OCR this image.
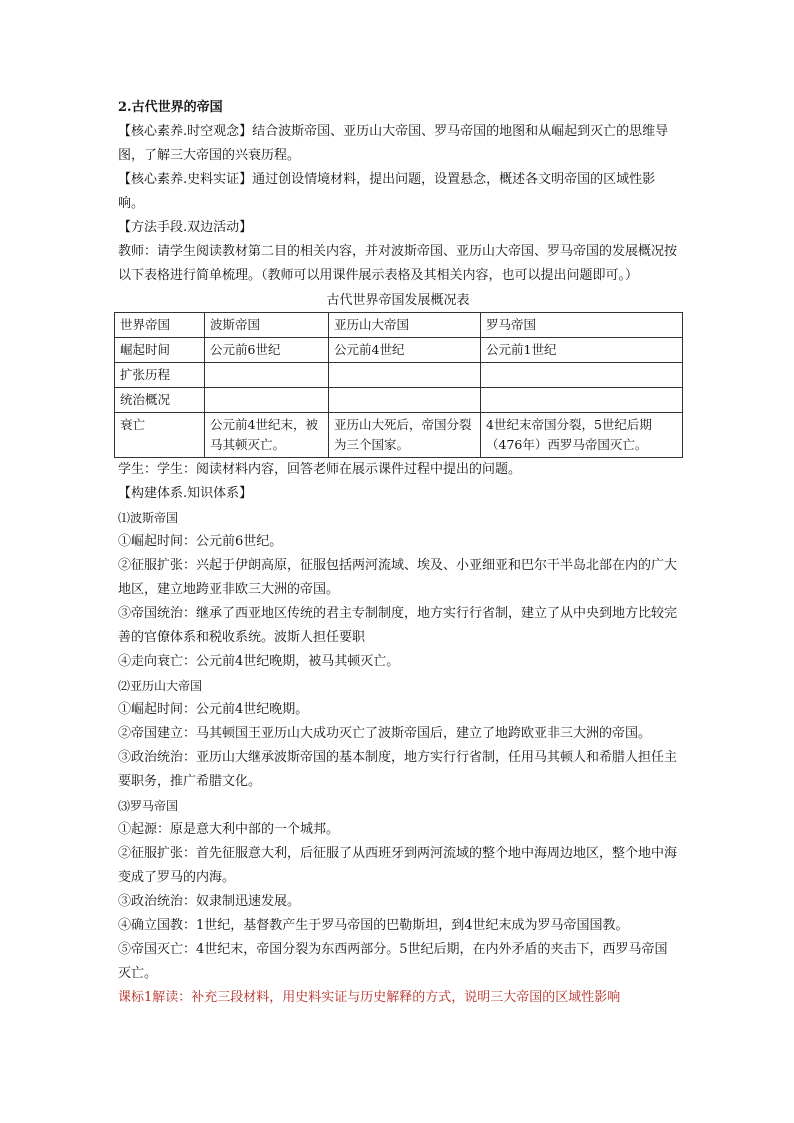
2.古代世界的帝国
【核心素养.时空观念】结合波斯帝国、亚历山大帝国、罗马帝国的地图和从崛起到灭亡的思维导图，了解三大帝国的兴衰历程。
【核心素养.史料实证】通过创设情境材料，提出问题，设置悬念，概述各文明帝国的区域性影响。
【方法手段.双边活动】
教师：请学生阅读教材第二目的相关内容，并对波斯帝国、亚历山大帝国、罗马帝国的发展概况按以下表格进行简单梳理。（教师可以用课件展示表格及其相关内容，也可以提出问题即可。）
古代世界帝国发展概况表
世界帝国	波斯帝国	亚历山大帝国	罗马帝国
崛起时间	公元前6世纪	公元前4世纪	公元前1世纪
扩张历程			
统治概况			
衰亡	公元前4世纪末，被马其顿灭亡。	亚历山大死后，帝国分裂为三个国家。	4世纪末帝国分裂，5世纪后期（476年）西罗马帝国灭亡。
学生：学生：阅读材料内容，回答老师在展示课件过程中提出的问题。
【构建体系.知识体系】
⑴波斯帝国
①崛起时间：公元前6世纪。
②征服扩张：兴起于伊朗高原，征服包括两河流域、埃及、小亚细亚和巴尔干半岛北部在内的广大地区，建立地跨亚非欧三大洲的帝国。
③帝国统治：继承了西亚地区传统的君主专制制度，地方实行行省制，建立了从中央到地方比较完善的官僚体系和税收系统。波斯人担任要职
④走向衰亡：公元前4世纪晚期，被马其顿灭亡。
⑵亚历山大帝国
①崛起时间：公元前4世纪晚期。
②帝国建立：马其顿国王亚历山大成功灭亡了波斯帝国后，建立了地跨欧亚非三大洲的帝国。
③政治统治：亚历山大继承波斯帝国的基本制度，地方实行行省制，任用马其顿人和希腊人担任主要职务，推广希腊文化。
⑶罗马帝国
①起源：原是意大利中部的一个城邦。
②征服扩张：首先征服意大利，后征服了从西班牙到两河流域的整个地中海周边地区，整个地中海变成了罗马的内海。
③政治统治：奴隶制迅速发展。
④确立国教：1世纪，基督教产生于罗马帝国的巴勒斯坦，到4世纪末成为罗马帝国国教。
⑤帝国灭亡：4世纪末，帝国分裂为东西两部分。5世纪后期，在内外矛盾的夹击下，西罗马帝国灭亡。
课标1解读：补充三段材料，用史料实证与历史解释的方式，说明三大帝国的区域性影响
